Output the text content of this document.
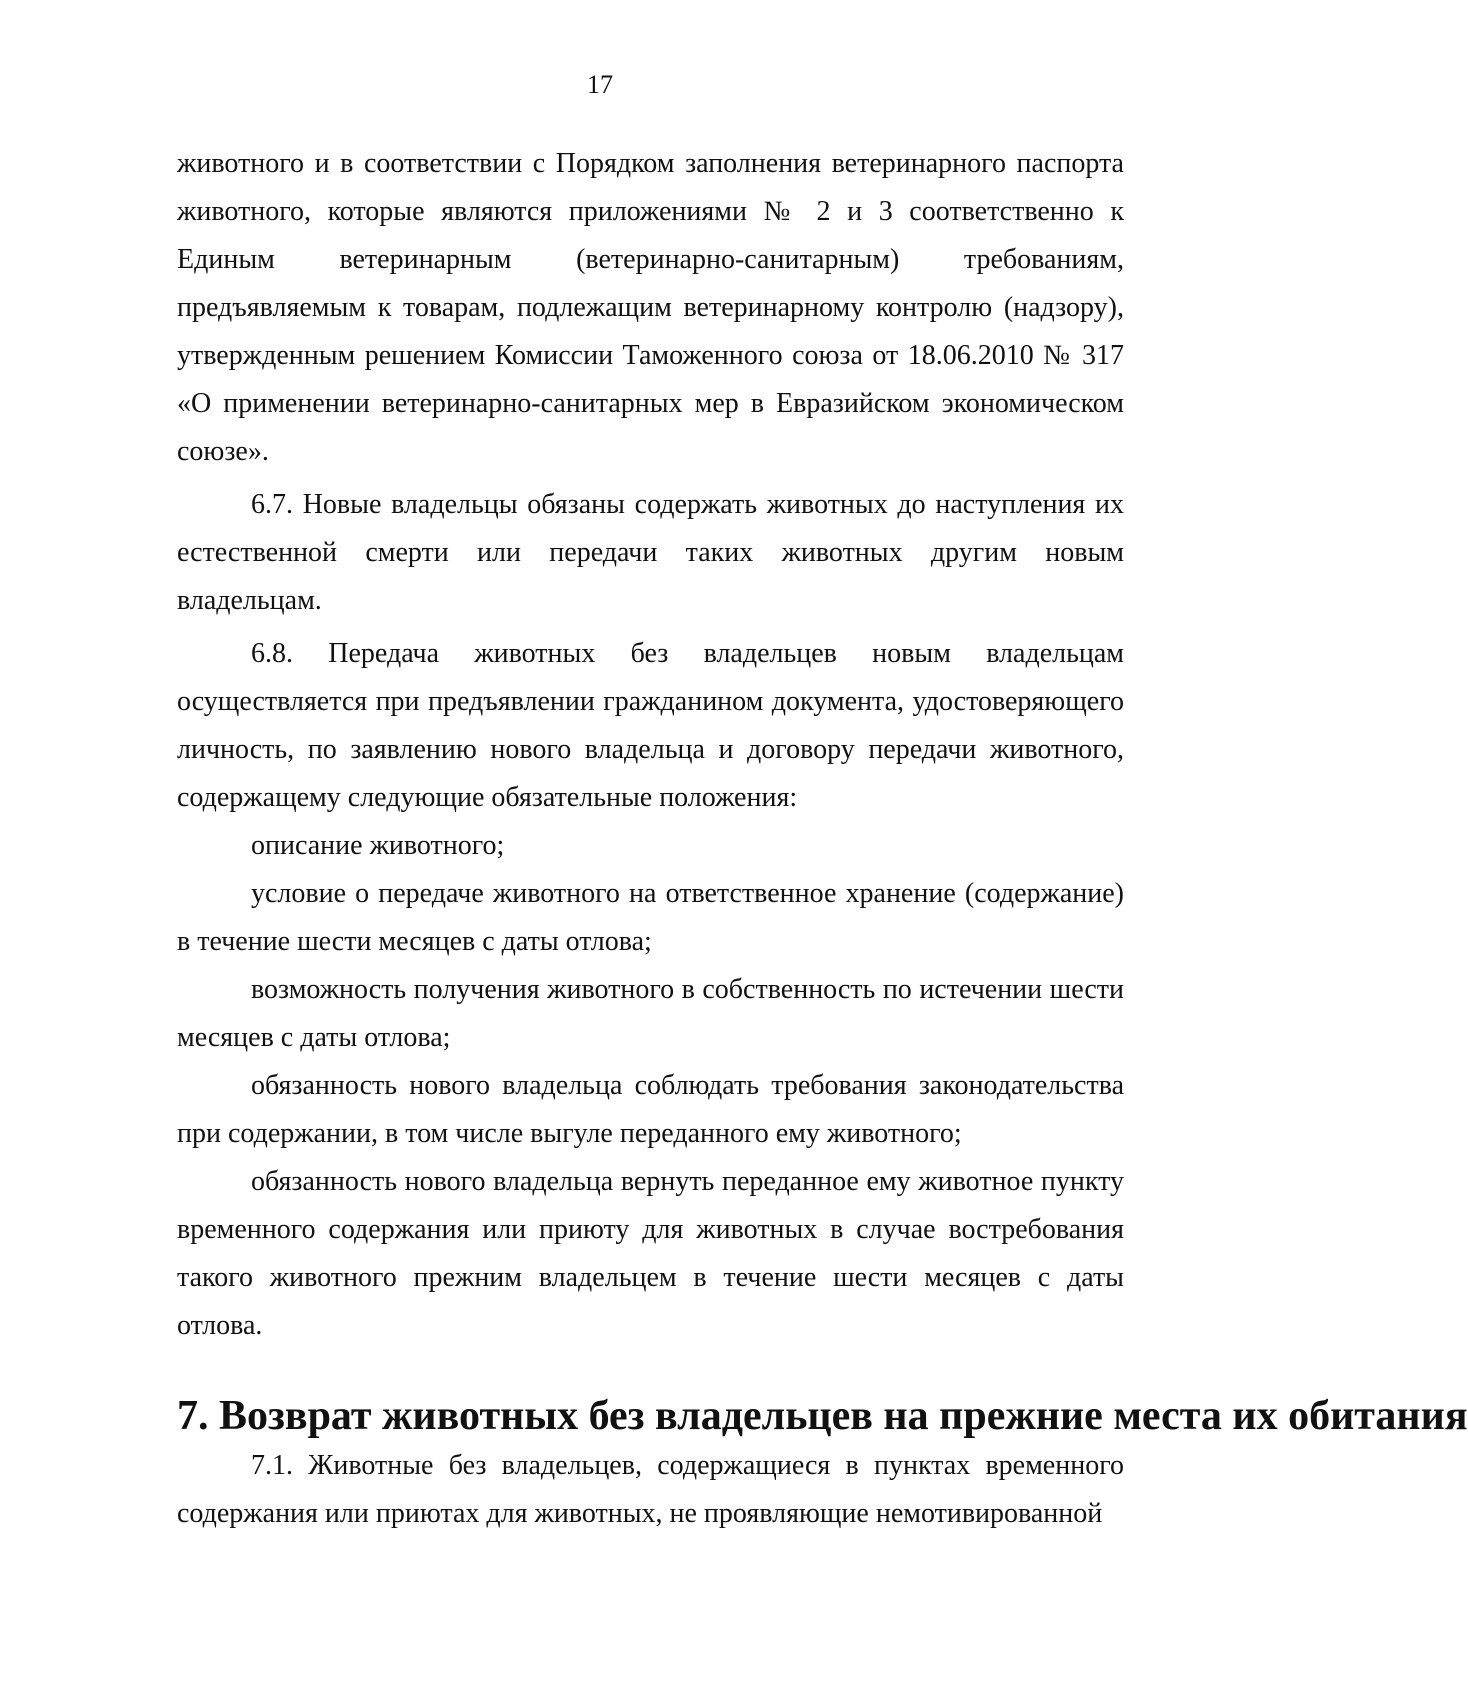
17

животного и в соответствии с Порядком заполнения ветеринарного паспорта животного, которые являются приложениями № 2 и 3 соответственно к Единым ветеринарным (ветеринарно-санитарным) требованиям, предъявляемым к товарам, подлежащим ветеринарному контролю (надзору), утвержденным решением Комиссии Таможенного союза от 18.06.2010 № 317 «О применении ветеринарно-санитарных мер в Евразийском экономическом союзе».

6.7. Новые владельцы обязаны содержать животных до наступления их естественной смерти или передачи таких животных другим новым владельцам.

6.8. Передача животных без владельцев новым владельцам осуществляется при предъявлении гражданином документа, удостоверяющего личность, по заявлению нового владельца и договору передачи животного, содержащему следующие обязательные положения:

описание животного;

условие о передаче животного на ответственное хранение (содержание) в течение шести месяцев с даты отлова;

возможность получения животного в собственность по истечении шести месяцев с даты отлова;

обязанность нового владельца соблюдать требования законодательства при содержании, в том числе выгуле переданного ему животного;

обязанность нового владельца вернуть переданное ему животное пункту временного содержания или приюту для животных в случае востребования такого животного прежним владельцем в течение шести месяцев с даты отлова.

7. Возврат животных без владельцев на прежние места их обитания

7.1. Животные без владельцев, содержащиеся в пунктах временного содержания или приютах для животных, не проявляющие немотивированной
